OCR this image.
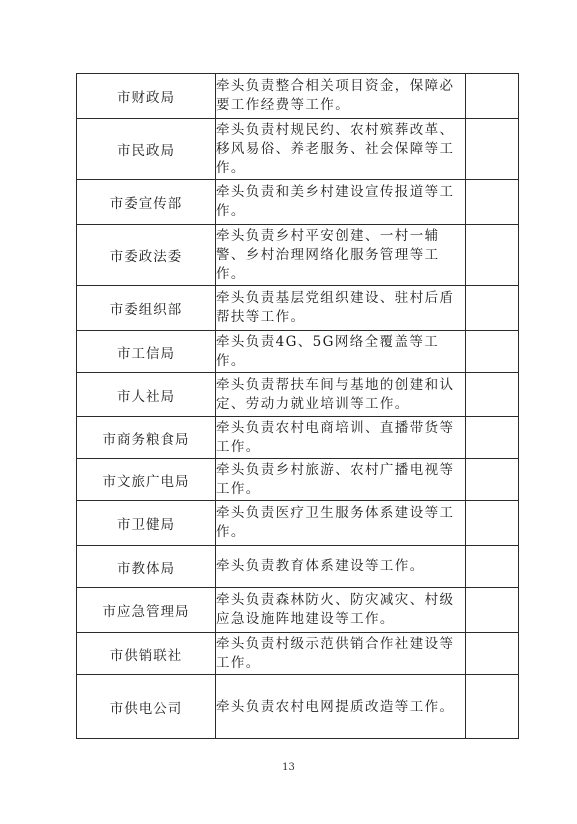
市财政局	牵头负责整合相关项目资金，保障必要工作经费等工作。	
市民政局	牵头负责村规民约、农村殡葬改革、移风易俗、养老服务、社会保障等工作。	
市委宣传部	牵头负责和美乡村建设宣传报道等工作。	
市委政法委	牵头负责乡村平安创建、一村一辅警、乡村治理网络化服务管理等工作。	
市委组织部	牵头负责基层党组织建设、驻村后盾帮扶等工作。	
市工信局	牵头负责4G、5G网络全覆盖等工作。	
市人社局	牵头负责帮扶车间与基地的创建和认定、劳动力就业培训等工作。	
市商务粮食局	牵头负责农村电商培训、直播带货等工作。	
市文旅广电局	牵头负责乡村旅游、农村广播电视等工作。	
市卫健局	牵头负责医疗卫生服务体系建设等工作。	
市教体局	牵头负责教育体系建设等工作。	
市应急管理局	牵头负责森林防火、防灾减灾、村级应急设施阵地建设等工作。	
市供销联社	牵头负责村级示范供销合作社建设等工作。	
市供电公司	牵头负责农村电网提质改造等工作。	
13
